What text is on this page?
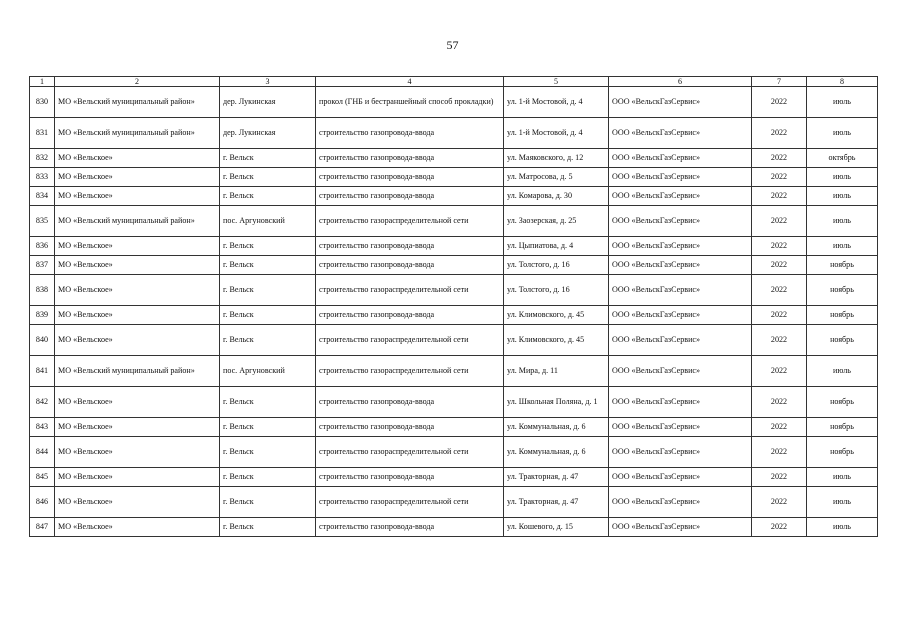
57
1	2	3	4	5	6	7	8
830	МО «Вельский муниципальный район»	дер. Лукинская	прокол (ГНБ и бестраншейный способ прокладки)	ул. 1-й Мостовой, д. 4	ООО «ВельскГазСервис»	2022	июль
831	МО «Вельский муниципальный район»	дер. Лукинская	строительство газопровода-ввода	ул. 1-й Мостовой, д. 4	ООО «ВельскГазСервис»	2022	июль
832	МО «Вельское»	г. Вельск	строительство газопровода-ввода	ул. Маяковского, д. 12	ООО «ВельскГазСервис»	2022	октябрь
833	МО «Вельское»	г. Вельск	строительство газопровода-ввода	ул. Матросова, д. 5	ООО «ВельскГазСервис»	2022	июль
834	МО «Вельское»	г. Вельск	строительство газопровода-ввода	ул. Комарова, д. 30	ООО «ВельскГазСервис»	2022	июль
835	МО «Вельский муниципальный район»	пос. Аргуновский	строительство газораспределительной сети	ул. Заозерская, д. 25	ООО «ВельскГазСервис»	2022	июль
836	МО «Вельское»	г. Вельск	строительство газопровода-ввода	ул. Цыпиатова, д. 4	ООО «ВельскГазСервис»	2022	июль
837	МО «Вельское»	г. Вельск	строительство газопровода-ввода	ул. Толстого, д. 16	ООО «ВельскГазСервис»	2022	ноябрь
838	МО «Вельское»	г. Вельск	строительство газораспределительной сети	ул. Толстого, д. 16	ООО «ВельскГазСервис»	2022	ноябрь
839	МО «Вельское»	г. Вельск	строительство газопровода-ввода	ул. Климовского, д. 45	ООО «ВельскГазСервис»	2022	ноябрь
840	МО «Вельское»	г. Вельск	строительство газораспределительной сети	ул. Климовского, д. 45	ООО «ВельскГазСервис»	2022	ноябрь
841	МО «Вельский муниципальный район»	пос. Аргуновский	строительство газораспределительной сети	ул. Мира, д. 11	ООО «ВельскГазСервис»	2022	июль
842	МО «Вельское»	г. Вельск	строительство газопровода-ввода	ул. Школьная Поляна, д. 1	ООО «ВельскГазСервис»	2022	ноябрь
843	МО «Вельское»	г. Вельск	строительство газопровода-ввода	ул. Коммунальная, д. 6	ООО «ВельскГазСервис»	2022	ноябрь
844	МО «Вельское»	г. Вельск	строительство газораспределительной сети	ул. Коммунальная, д. 6	ООО «ВельскГазСервис»	2022	ноябрь
845	МО «Вельское»	г. Вельск	строительство газопровода-ввода	ул. Тракторная, д. 47	ООО «ВельскГазСервис»	2022	июль
846	МО «Вельское»	г. Вельск	строительство газораспределительной сети	ул. Тракторная, д. 47	ООО «ВельскГазСервис»	2022	июль
847	МО «Вельское»	г. Вельск	строительство газопровода-ввода	ул. Кошевого, д. 15	ООО «ВельскГазСервис»	2022	июль
